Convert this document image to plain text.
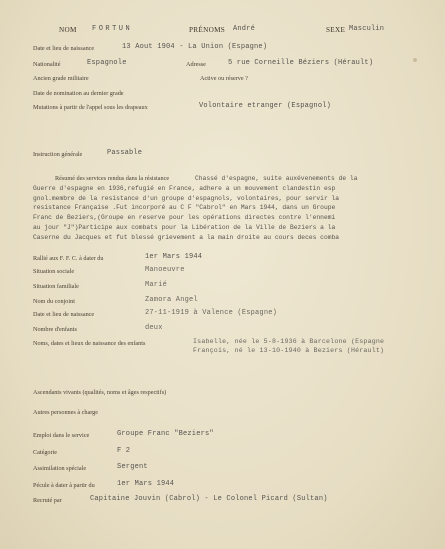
NOM FORTUN	PRÉNOMS André	SEXE Masculin
Date et lieu de naissance	13 Aout 1904 - La Union (Espagne)
Nationalité	Espagnole	Adresse	5 rue Corneille Béziers (Hérault)
Ancien grade militaire	Active ou réserve ?
Date de nomination au dernier grade
Mutations à partir de l'appel sous les drapeaux	Volontaire etranger (Espagnol)
Instruction générale	Passable
Résumé des services rendus dans la résistance	Chassé d'espagne, suite auxévenements de la
Guerre d'espagne en 1936,refugié en France, adhere a un mouvement clandestin esp
gnol.membre de la resistance d'un groupe d'espagnols, volontaires, pour servir la
resistance Française .Fut incorporé au C F "Cabrol" en Mars 1944, dans un Groupe
Franc de Beziers,(Groupe en reserve pour les opérations directes contre l'ennemi
au jour "J")Participe aux combats pour la Libération de la Ville de Beziers a la
Caserne du Jacques et fut blessé grievement a la main droite au cours deces comba
Rallié aux F. F. C. à dater du	1er Mars 1944
Situation sociale	Manoeuvre
Situation familiale	Marié
Nom du conjoint	Zamora Angel
Date et lieu de naissance	27-11-1919 à Valence (Espagne)
Nombre d'enfants	deux
Noms, dates et lieux de naissance des enfants	Isabelle, née le 5-8-1936 à Barcelone (Espagne
François, né le 13-10-1940 à Beziers (Hérault)
Ascendants vivants (qualités, noms et âges respectifs)
Autres personnes à charge
Emploi dans le service	Groupe Franc "Beziers"
Catégorie	F 2
Assimilation spéciale	Sergent
Pécule à dater à partir du	1er Mars 1944
Recruté par	Capitaine Jouvin (Cabrol) - Le Colonel Picard (Sultan)
